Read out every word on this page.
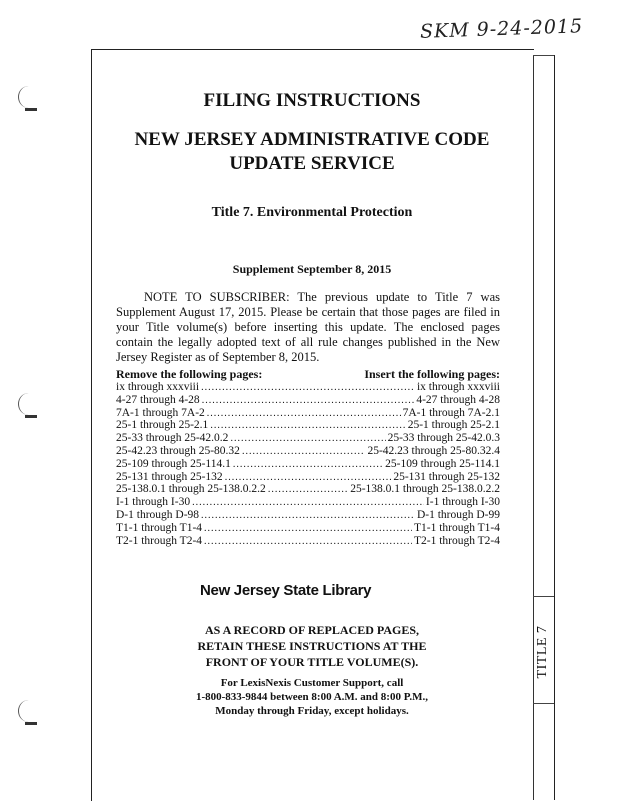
SKM 9-24-2015
TITLE 7
FILING INSTRUCTIONS
NEW JERSEY ADMINISTRATIVE CODE
UPDATE SERVICE
Title 7. Environmental Protection
Supplement September 8, 2015
NOTE TO SUBSCRIBER: The previous update to Title 7 was Supplement August 17, 2015. Please be certain that those pages are filed in your Title volume(s) before inserting this update. The enclosed pages contain the legally adopted text of all rule changes published in the New Jersey Register as of September 8, 2015.
Remove the following pages:	Insert the following pages:
ix through xxxviii .....	ix through xxxviii
4-27 through 4-28 .....	4-27 through 4-28
7A-1 through 7A-2 .....	7A-1 through 7A-2.1
25-1 through 25-2.1 .....	25-1 through 25-2.1
25-33 through 25-42.0.2 .....	25-33 through 25-42.0.3
25-42.23 through 25-80.32 .....	25-42.23 through 25-80.32.4
25-109 through 25-114.1 .....	25-109 through 25-114.1
25-131 through 25-132 .....	25-131 through 25-132
25-138.0.1 through 25-138.0.2.2 .....	25-138.0.1 through 25-138.0.2.2
I-1 through I-30 .....	I-1 through I-30
D-1 through D-98 .....	D-1 through D-99
T1-1 through T1-4 .....	T1-1 through T1-4
T2-1 through T2-4 .....	T2-1 through T2-4
New Jersey State Library
AS A RECORD OF REPLACED PAGES,
RETAIN THESE INSTRUCTIONS AT THE
FRONT OF YOUR TITLE VOLUME(S).
For LexisNexis Customer Support, call
1-800-833-9844 between 8:00 A.M. and 8:00 P.M.,
Monday through Friday, except holidays.
